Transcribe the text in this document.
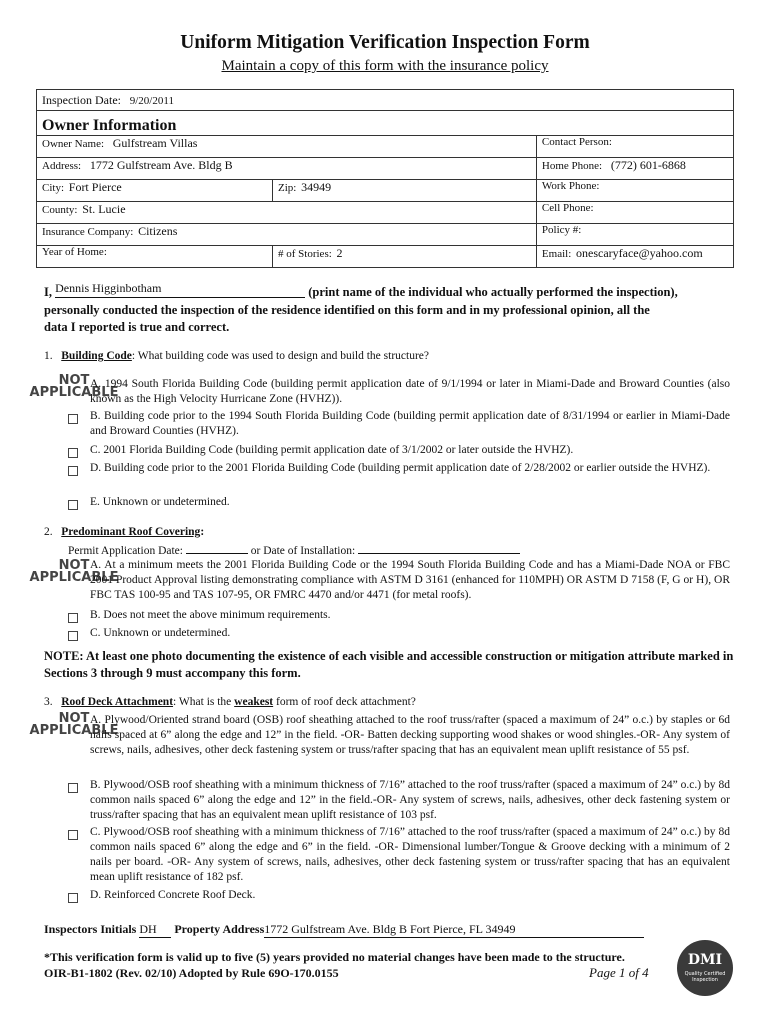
Uniform Mitigation Verification Inspection Form
Maintain a copy of this form with the insurance policy
Inspection Date: 9/20/2011		
Owner Information		
Owner Name: Gulfstream Villas		Contact Person:
Address: 1772 Gulfstream Ave. Bldg B		Home Phone: (772) 601-6868
City: Fort Pierce	Zip: 34949	Work Phone:
County: St. Lucie		Cell Phone:
Insurance Company: Citizens		Policy #:
Year of Home:	# of Stories: 2	Email: onescaryface@yahoo.com
I, Dennis Higginbotham	(print name of the individual who actually performed the inspection),
personally conducted the inspection of the residence identified on this form and in my professional opinion, all the
data I reported is true and correct.
1. Building Code: What building code was used to design and build the structure?
NOT
APPLICABLE
A. 1994 South Florida Building Code (building permit application date of 9/1/1994 or later in Miami-Dade and Broward Counties (also known as the High Velocity Hurricane Zone (HVHZ)).
B. Building code prior to the 1994 South Florida Building Code (building permit application date of 8/31/1994 or earlier in Miami-Dade and Broward Counties (HVHZ).
C. 2001 Florida Building Code (building permit application date of 3/1/2002 or later outside the HVHZ).
D. Building code prior to the 2001 Florida Building Code (building permit application date of 2/28/2002 or earlier outside the HVHZ).
E. Unknown or undetermined.
2. Predominant Roof Covering:
Permit Application Date:	or Date of Installation:
NOT
APPLICABLE
A. At a minimum meets the 2001 Florida Building Code or the 1994 South Florida Building Code and has a Miami-Dade NOA or FBC 2001 Product Approval listing demonstrating compliance with ASTM D 3161 (enhanced for 110MPH) OR ASTM D 7158 (F, G or H), OR FBC TAS 100-95 and TAS 107-95, OR FMRC 4470 and/or 4471 (for metal roofs).
B. Does not meet the above minimum requirements.
C. Unknown or undetermined.
NOTE: At least one photo documenting the existence of each visible and accessible construction or mitigation attribute marked in Sections 3 through 9 must accompany this form.
3. Roof Deck Attachment: What is the weakest form of roof deck attachment?
NOT
APPLICABLE
A. Plywood/Oriented strand board (OSB) roof sheathing attached to the roof truss/rafter (spaced a maximum of 24” o.c.) by staples or 6d nails spaced at 6” along the edge and 12” in the field. -OR- Batten decking supporting wood shakes or wood shingles.-OR- Any system of screws, nails, adhesives, other deck fastening system or truss/rafter spacing that has an equivalent mean uplift resistance of 55 psf.
B. Plywood/OSB roof sheathing with a minimum thickness of 7/16” attached to the roof truss/rafter (spaced a maximum of 24” o.c.) by 8d common nails spaced 6” along the edge and 12” in the field.-OR- Any system of screws, nails, adhesives, other deck fastening system or truss/rafter spacing that has an equivalent mean uplift resistance of 103 psf.
C. Plywood/OSB roof sheathing with a minimum thickness of 7/16” attached to the roof truss/rafter (spaced a maximum of 24” o.c.) by 8d common nails spaced 6” along the edge and 6” in the field. -OR- Dimensional lumber/Tongue & Groove decking with a minimum of 2 nails per board. -OR- Any system of screws, nails, adhesives, other deck fastening system or truss/rafter spacing that has an equivalent mean uplift resistance of 182 psf.
D. Reinforced Concrete Roof Deck.
Inspectors Initials DH Property Address1772 Gulfstream Ave. Bldg B Fort Pierce, FL 34949
*This verification form is valid up to five (5) years provided no material changes have been made to the structure.
OIR-B1-1802 (Rev. 02/10) Adopted by Rule 69O-170.0155	Page 1 of 4
DMI
Quality Certified Inspection
